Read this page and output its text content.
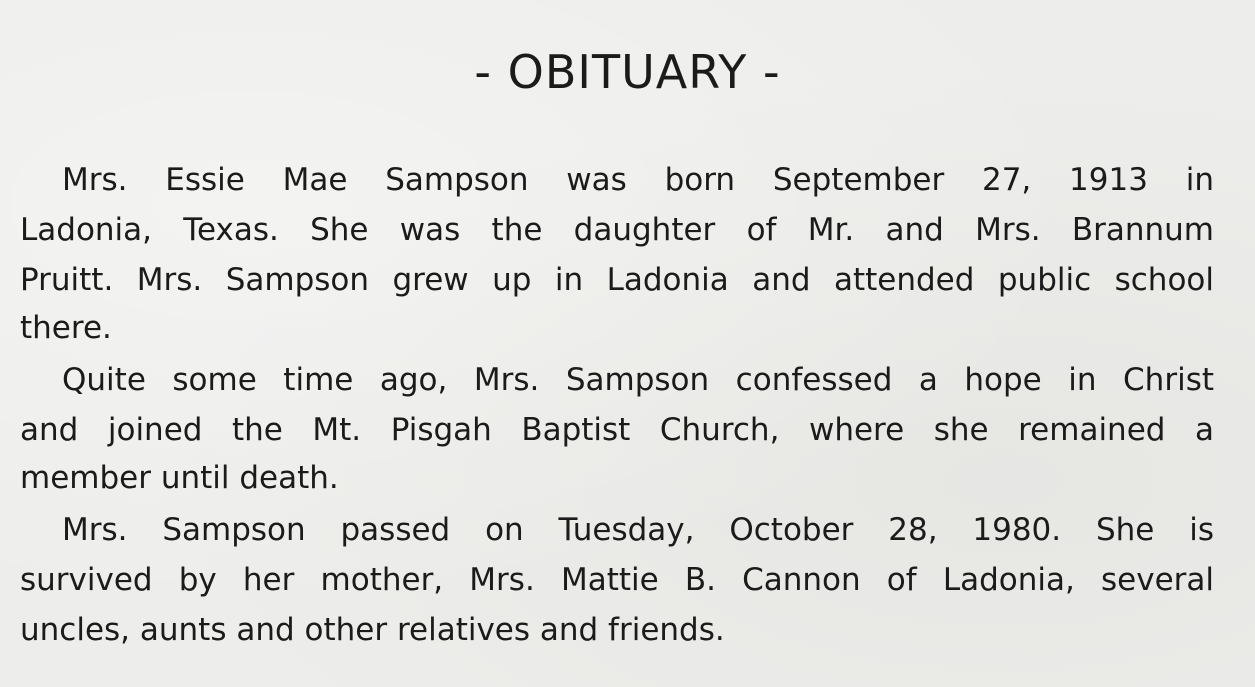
- OBITUARY -
Mrs. Essie Mae Sampson was born September 27, 1913 in
Ladonia, Texas. She was the daughter of Mr. and Mrs. Brannum
Pruitt. Mrs. Sampson grew up in Ladonia and attended public school
there.
Quite some time ago, Mrs. Sampson confessed a hope in Christ
and joined the Mt. Pisgah Baptist Church, where she remained a
member until death.
Mrs. Sampson passed on Tuesday, October 28, 1980. She is
survived by her mother, Mrs. Mattie B. Cannon of Ladonia, several
uncles, aunts and other relatives and friends.
